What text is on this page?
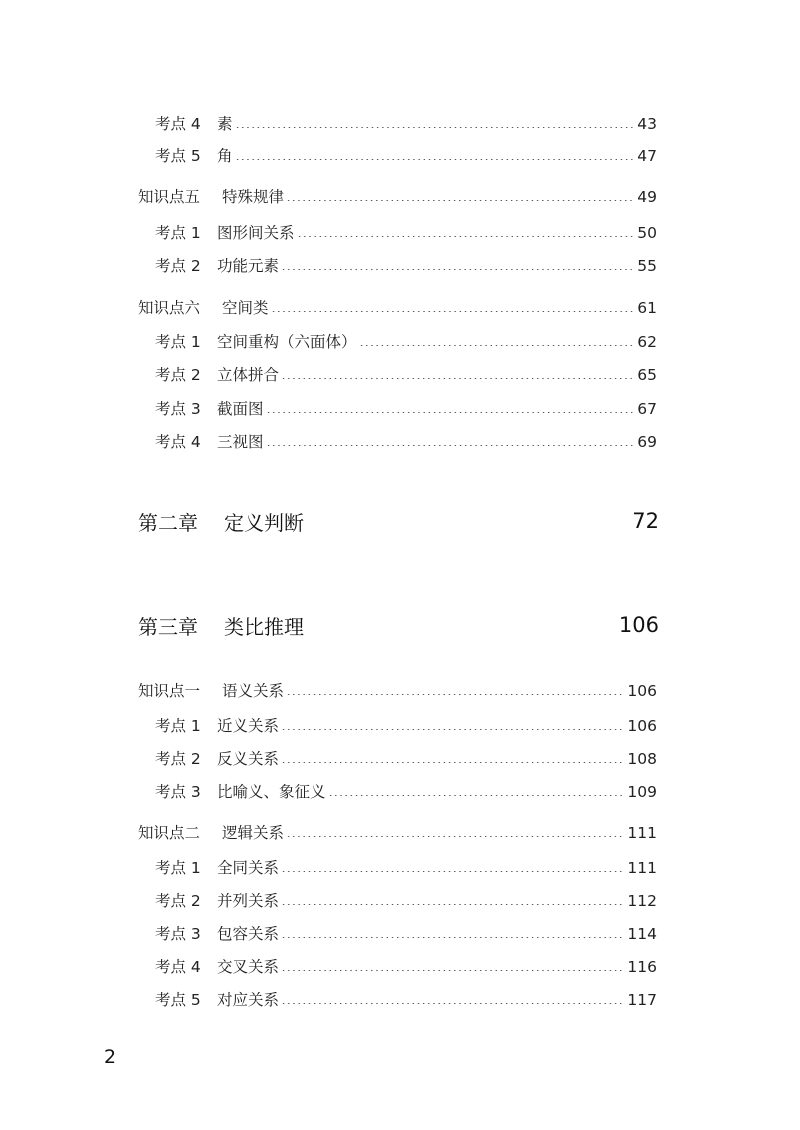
考点 4	素	43
考点 5	角	47
知识点五	特殊规律	49
考点 1	图形间关系	50
考点 2	功能元素	55
知识点六	空间类	61
考点 1	空间重构（六面体）	62
考点 2	立体拼合	65
考点 3	截面图	67
考点 4	三视图	69
第二章	定义判断	72
第三章	类比推理	106
知识点一	语义关系	106
考点 1	近义关系	106
考点 2	反义关系	108
考点 3	比喻义、象征义	109
知识点二	逻辑关系	111
考点 1	全同关系	111
考点 2	并列关系	112
考点 3	包容关系	114
考点 4	交叉关系	116
考点 5	对应关系	117
2
